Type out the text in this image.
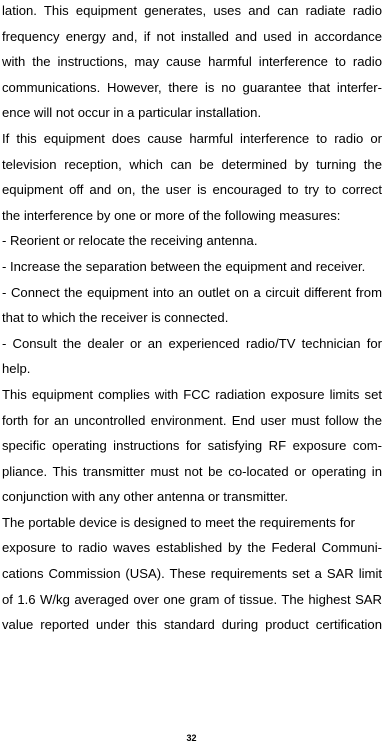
lation. This equipment generates, uses and can radiate radio
frequency energy and, if not installed and used in accordance
with the instructions, may cause harmful interference to radio
communications. However, there is no guarantee that interfer-
ence will not occur in a particular installation.
If this equipment does cause harmful interference to radio or
television reception, which can be determined by turning the
equipment off and on, the user is encouraged to try to correct
the interference by one or more of the following measures:
- Reorient or relocate the receiving antenna.
- Increase the separation between the equipment and receiver.
- Connect the equipment into an outlet on a circuit different from
that to which the receiver is connected.
- Consult the dealer or an experienced radio/TV technician for
help.
This equipment complies with FCC radiation exposure limits set
forth for an uncontrolled environment. End user must follow the
specific operating instructions for satisfying RF exposure com-
pliance. This transmitter must not be co-located or operating in
conjunction with any other antenna or transmitter.
The portable device is designed to meet the requirements for
exposure to radio waves established by the Federal Communi-
cations Commission (USA). These requirements set a SAR limit
of 1.6 W/kg averaged over one gram of tissue. The highest SAR
value reported under this standard during product certification
32
